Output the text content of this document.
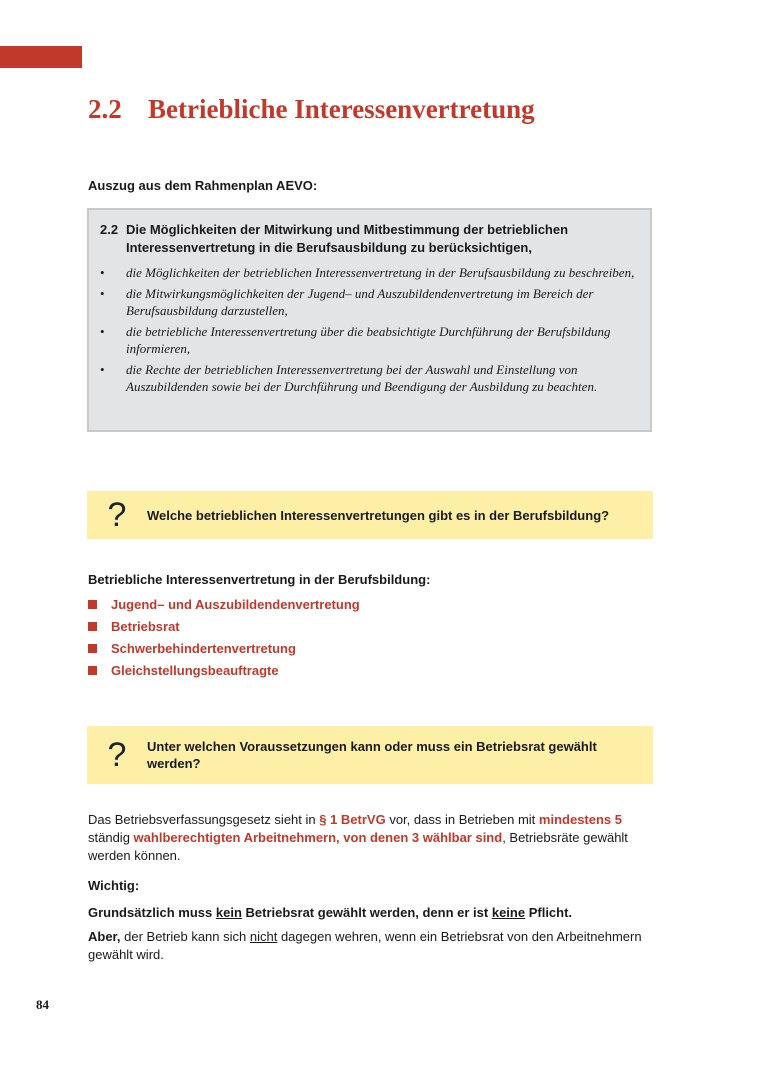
2.2 Betriebliche Interessenvertretung
Auszug aus dem Rahmenplan AEVO:
2.2 Die Möglichkeiten der Mitwirkung und Mitbestimmung der betrieblichen Interessenvertretung in die Berufsausbildung zu berücksichtigen,
•	die Möglichkeiten der betrieblichen Interessenvertretung in der Berufsausbildung zu beschreiben,
•	die Mitwirkungsmöglichkeiten der Jugend– und Auszubildendenvertretung im Bereich der Berufsausbildung darzustellen,
•	die betriebliche Interessenvertretung über die beabsichtigte Durchführung der Berufsbildung informieren,
•	die Rechte der betrieblichen Interessenvertretung bei der Auswahl und Einstellung von Auszubildenden sowie bei der Durchführung und Beendigung der Ausbildung zu beachten.
?	Welche betrieblichen Interessenvertretungen gibt es in der Berufsbildung?
Betriebliche Interessenvertretung in der Berufsbildung:
Jugend– und Auszubildendenvertretung
Betriebsrat
Schwerbehindertenvertretung
Gleichstellungsbeauftragte
?	Unter welchen Voraussetzungen kann oder muss ein Betriebsrat gewählt werden?

Das Betriebsverfassungsgesetz sieht in § 1 BetrVG vor, dass in Betrieben mit mindestens 5 ständig wahlberechtigten Arbeitnehmern, von denen 3 wählbar sind, Betriebsräte gewählt werden können.

Wichtig:

Grundsätzlich muss kein Betriebsrat gewählt werden, denn er ist keine Pflicht.

Aber, der Betrieb kann sich nicht dagegen wehren, wenn ein Betriebsrat von den Arbeitnehmern gewählt wird.

84
